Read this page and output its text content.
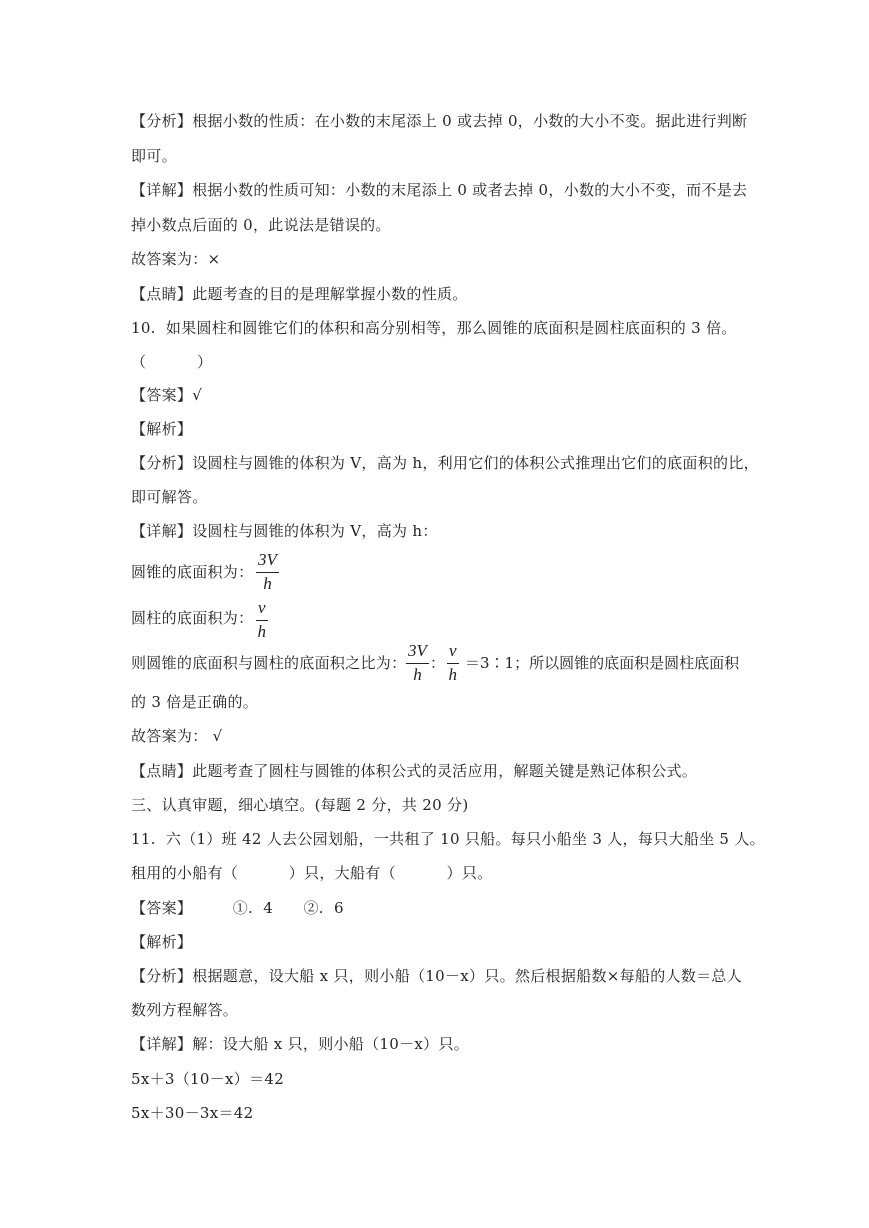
【分析】根据小数的性质：在小数的末尾添上 0 或去掉 0，小数的大小不变。据此进行判断
即可。
【详解】根据小数的性质可知：小数的末尾添上 0 或者去掉 0，小数的大小不变，而不是去
掉小数点后面的 0，此说法是错误的。
故答案为：×
【点睛】此题考查的目的是理解掌握小数的性质。
10.  如果圆柱和圆锥它们的体积和高分别相等，那么圆锥的底面积是圆柱底面积的 3 倍。
（          ）
【答案】√
【解析】
【分析】设圆柱与圆锥的体积为 V，高为 h，利用它们的体积公式推理出它们的底面积的比，
即可解答。
【详解】设圆柱与圆锥的体积为 V，高为 h：
圆锥的底面积为：
3V
h
圆柱的底面积为：
v
h
则圆锥的底面积与圆柱的底面积之比为：
3V
h
：
v
h
＝3∶1；所以圆锥的底面积是圆柱底面积
的 3 倍是正确的。
故答案为： √
【点睛】此题考查了圆柱与圆锥的体积公式的灵活应用，解题关键是熟记体积公式。
三、认真审题，细心填空。(每题 2 分，共 20 分)
11.  六（1）班 42 人去公园划船，一共租了 10 只船。每只小船坐 3 人，每只大船坐 5 人。
租用的小船有（          ）只，大船有（          ）只。
【答案】        ①.  4      ②.  6
【解析】
【分析】根据题意，设大船 x 只，则小船（10－x）只。然后根据船数×每船的人数＝总人
数列方程解答。
【详解】解：设大船 x 只，则小船（10－x）只。
5x＋3（10－x）＝42
5x＋30－3x＝42
